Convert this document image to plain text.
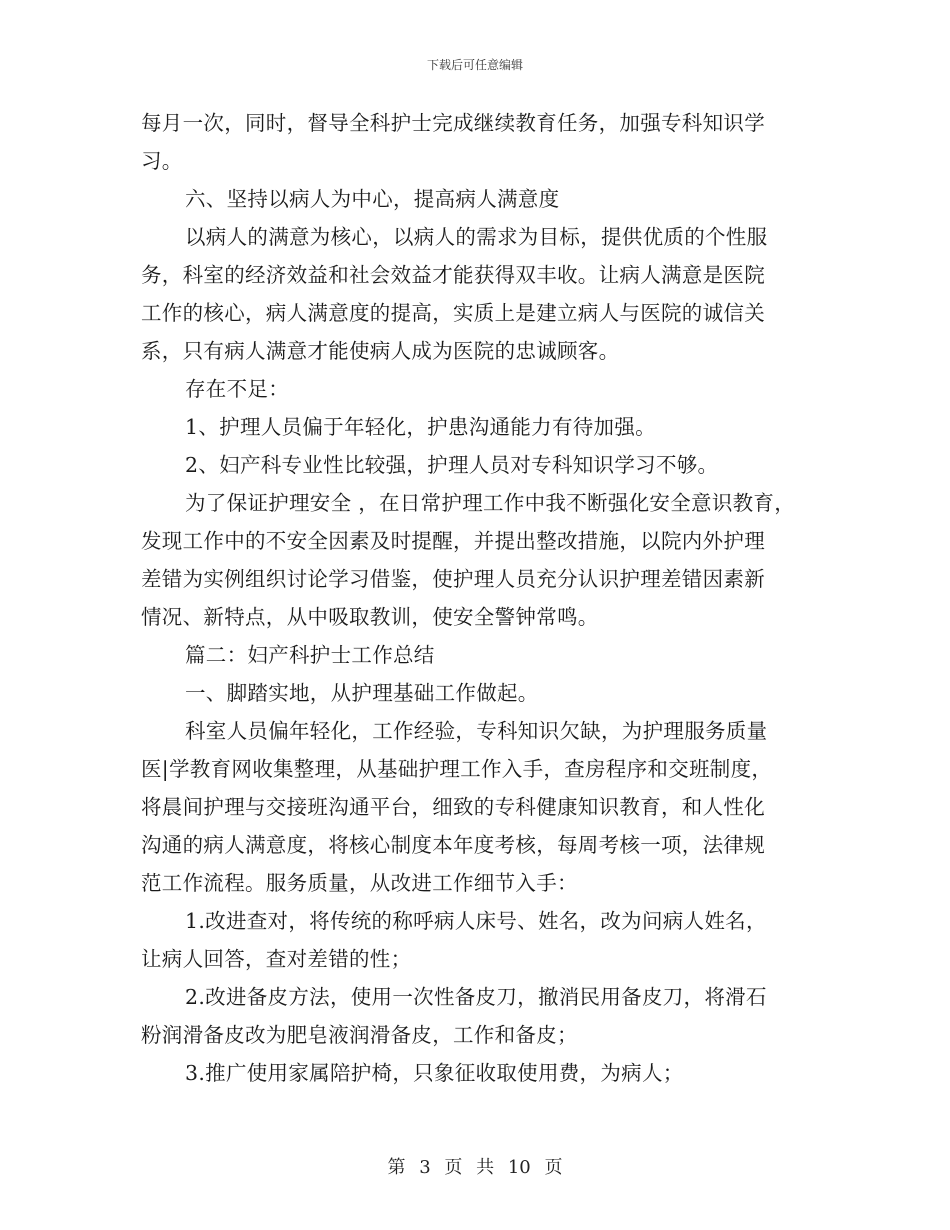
下载后可任意编辑
每月一次，同时，督导全科护士完成继续教育任务，加强专科知识学
习。
六、坚持以病人为中心，提高病人满意度
以病人的满意为核心，以病人的需求为目标，提供优质的个性服
务，科室的经济效益和社会效益才能获得双丰收。让病人满意是医院
工作的核心，病人满意度的提高，实质上是建立病人与医院的诚信关
系，只有病人满意才能使病人成为医院的忠诚顾客。
存在不足：
1、护理人员偏于年轻化，护患沟通能力有待加强。
2、妇产科专业性比较强，护理人员对专科知识学习不够。
为了保证护理安全 ，在日常护理工作中我不断强化安全意识教育，
发现工作中的不安全因素及时提醒，并提出整改措施，以院内外护理
差错为实例组织讨论学习借鉴，使护理人员充分认识护理差错因素新
情况、新特点，从中吸取教训，使安全警钟常鸣。
篇二：妇产科护士工作总结
一、脚踏实地，从护理基础工作做起。
科室人员偏年轻化，工作经验，专科知识欠缺，为护理服务质量
医|学教育网收集整理，从基础护理工作入手，查房程序和交班制度，
将晨间护理与交接班沟通平台，细致的专科健康知识教育，和人性化
沟通的病人满意度，将核心制度本年度考核，每周考核一项，法律规
范工作流程。服务质量，从改进工作细节入手：
1.改进查对，将传统的称呼病人床号、姓名，改为问病人姓名，
让病人回答，查对差错的性；
2.改进备皮方法，使用一次性备皮刀，撤消民用备皮刀，将滑石
粉润滑备皮改为肥皂液润滑备皮，工作和备皮；
3.推广使用家属陪护椅，只象征收取使用费，为病人；
第 3 页 共 10 页
